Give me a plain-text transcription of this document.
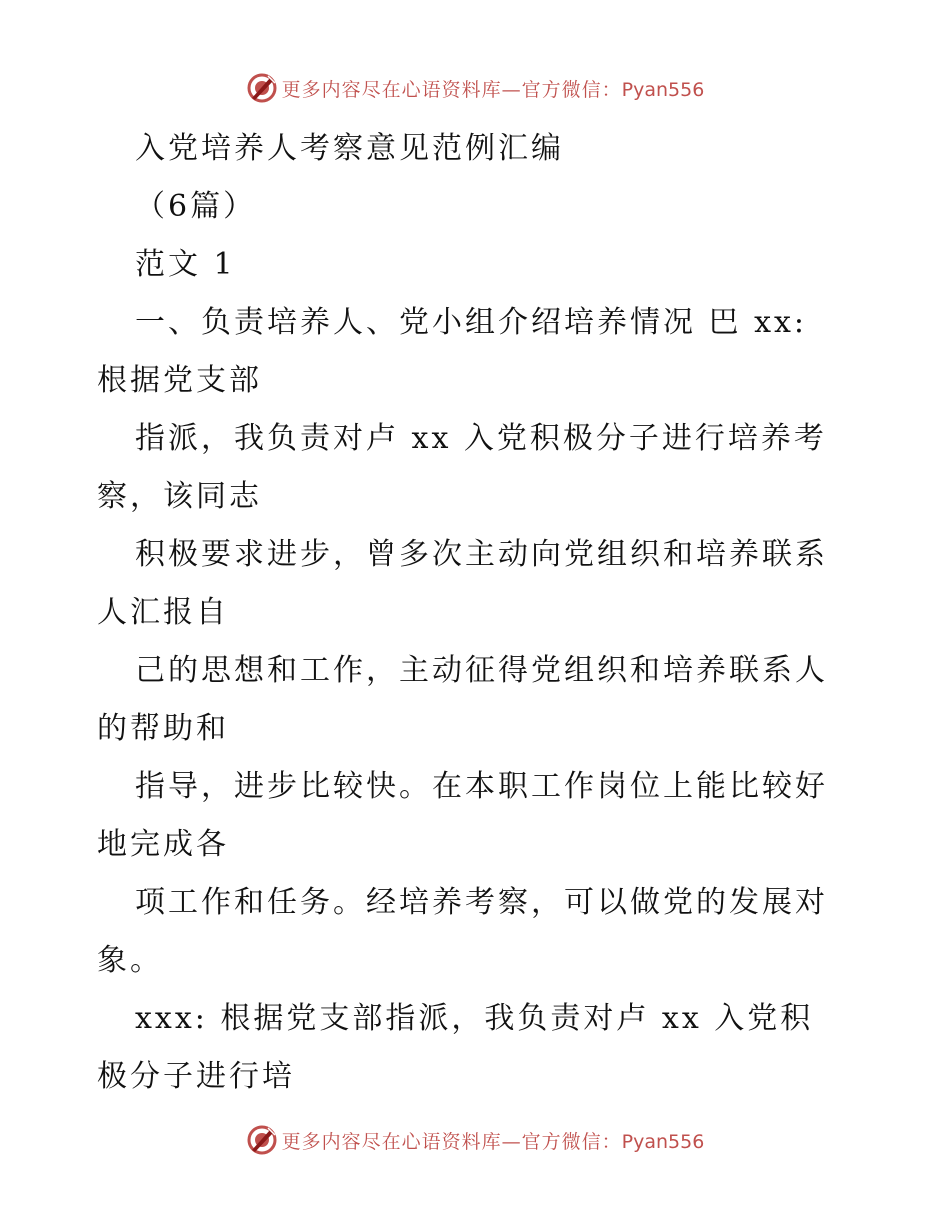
更多内容尽在心语资料库—官方微信：Pyan556

入党培养人考察意见范例汇编

（6篇）

范文 1

一、负责培养人、党小组介绍培养情况 巴 xx:

根据党支部

指派，我负责对卢 xx 入党积极分子进行培养考

察，该同志

积极要求进步，曾多次主动向党组织和培养联系

人汇报自

己的思想和工作，主动征得党组织和培养联系人

的帮助和

指导，进步比较快。在本职工作岗位上能比较好

地完成各

项工作和任务。经培养考察，可以做党的发展对

象。

xxx: 根据党支部指派，我负责对卢 xx 入党积

极分子进行培

更多内容尽在心语资料库—官方微信：Pyan556
